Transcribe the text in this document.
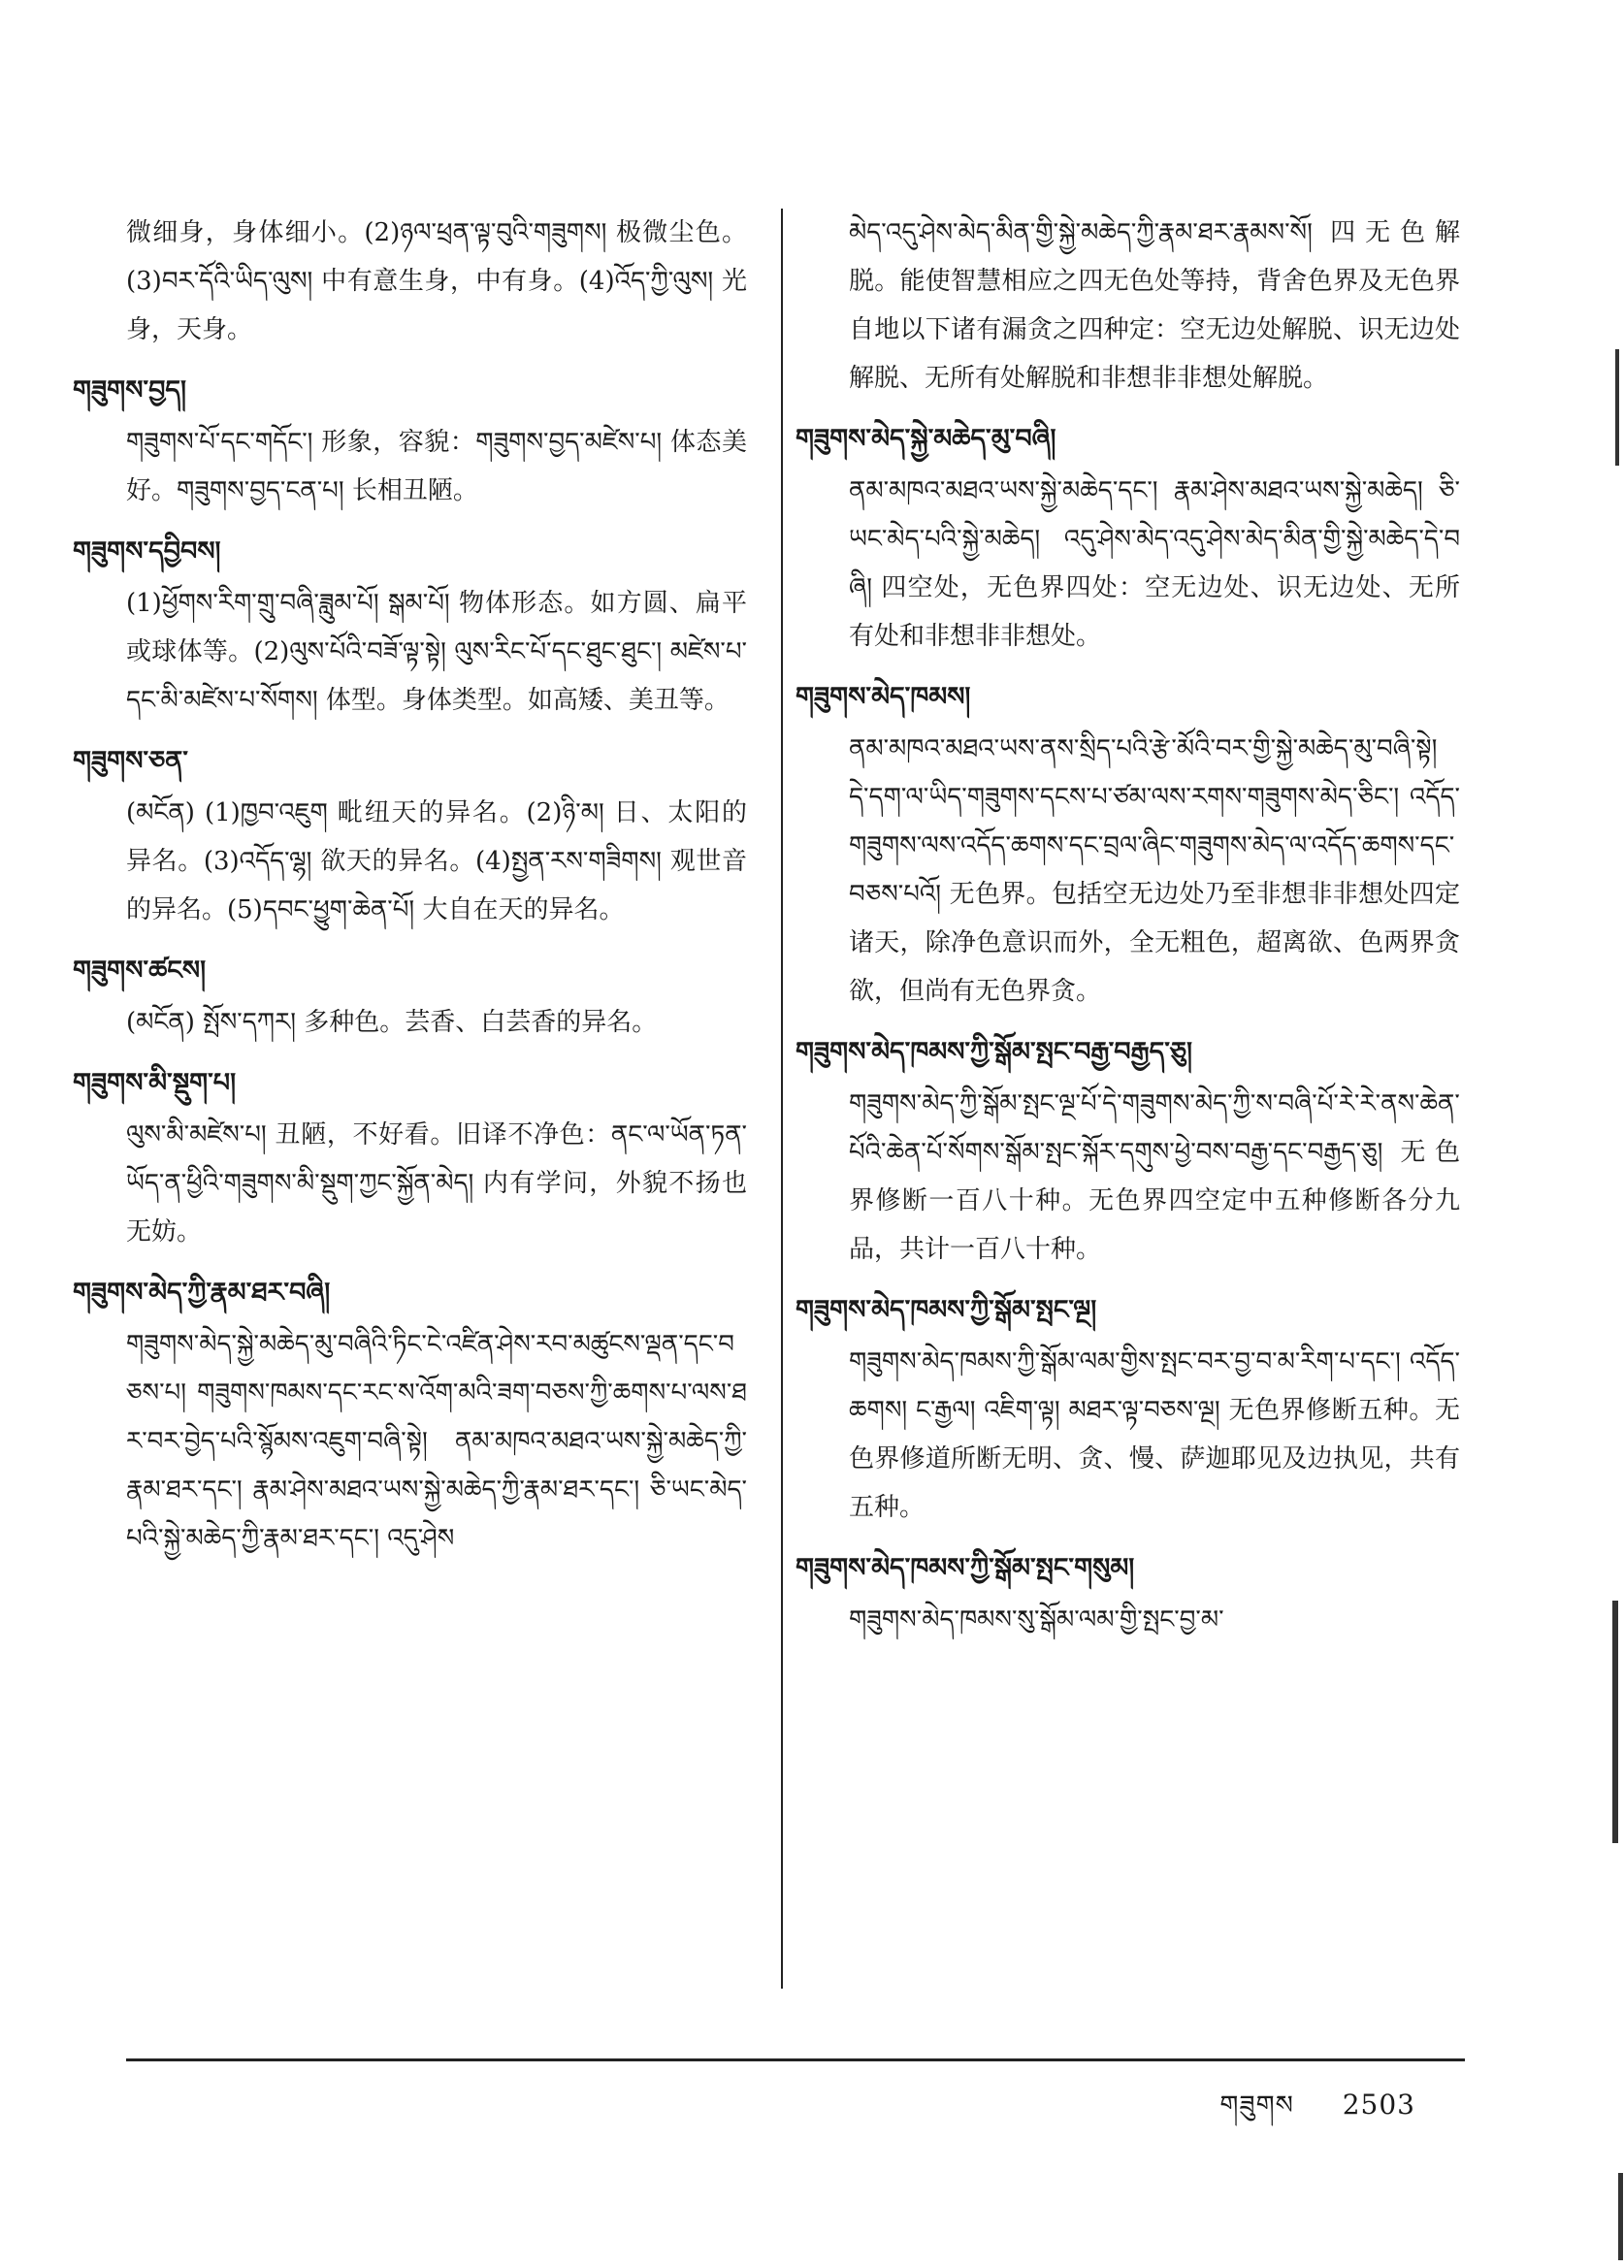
微细身，身体细小。(2)ཉལ་ཕྲན་ལྟ་བུའི་གཟུགས། 极微尘色。(3)བར་དོའི་ཡིད་ལུས། 中有意生身，中有身。(4)འོད་ཀྱི་ལུས། 光身，天身。
གཟུགས་བྱད།
གཟུགས་པོ་དང་གདོང་། 形象，容貌：གཟུགས་བྱད་མཛེས་པ། 体态美好。གཟུགས་བྱད་ངན་པ། 长相丑陋。
གཟུགས་དབྱིབས།
(1)ཕྱོགས་རིག་གྲུ་བཞི་ཟླུམ་པོ། སྒམ་པོ། 物体形态。如方圆、扁平或球体等。(2)ལུས་པོའི་བཟོ་ལྟ་སྟེ། ལུས་རིང་པོ་དང་ཐུང་ཐུང་། མཛེས་པ་དང་མི་མཛེས་པ་སོགས། 体型。身体类型。如高矮、美丑等。
གཟུགས་ཅན་
(མངོན) (1)ཁྱབ་འཇུག 毗纽天的异名。(2)ཉི་མ། 日、太阳的异名。(3)འདོད་ལྷ། 欲天的异名。(4)སྤྱན་རས་གཟིགས། 观世音的异名。(5)དབང་ཕྱུག་ཆེན་པོ། 大自在天的异名。
གཟུགས་ཚངས།
(མངོན) སྤོས་དཀར། 多种色。芸香、白芸香的异名。
གཟུགས་མི་སྡུག་པ།
ལུས་མི་མཛེས་པ། 丑陋，不好看。旧译不净色：ནང་ལ་ཡོན་ཏན་ཡོད་ན་ཕྱིའི་གཟུགས་མི་སྡུག་ཀྱང་སྐྱོན་མེད། 内有学问，外貌不扬也无妨。
གཟུགས་མེད་ཀྱི་རྣམ་ཐར་བཞི།
གཟུགས་མེད་སྐྱེ་མཆེད་མུ་བཞིའི་ཏིང་ངེ་འཛིན་ཤེས་རབ་མཚུངས་ལྡན་དང་བཅས་པ། གཟུགས་ཁམས་དང་རང་ས་འོག་མའི་ཟག་བཅས་ཀྱི་ཆགས་པ་ལས་ཐར་བར་བྱེད་པའི་སྙོམས་འཇུག་བཞི་སྟེ། ནམ་མཁའ་མཐའ་ཡས་སྐྱེ་མཆེད་ཀྱི་རྣམ་ཐར་དང་། རྣམ་ཤེས་མཐའ་ཡས་སྐྱེ་མཆེད་ཀྱི་རྣམ་ཐར་དང་། ཅི་ཡང་མེད་པའི་སྐྱེ་མཆེད་ཀྱི་རྣམ་ཐར་དང་། འདུ་ཤེས
མེད་འདུ་ཤེས་མེད་མིན་གྱི་སྐྱེ་མཆེད་ཀྱི་རྣམ་ཐར་རྣམས་སོ། 四无色解脱。能使智慧相应之四无色处等持，背舍色界及无色界自地以下诸有漏贪之四种定：空无边处解脱、识无边处解脱、无所有处解脱和非想非非想处解脱。
གཟུགས་མེད་སྐྱེ་མཆེད་མུ་བཞི།
ནམ་མཁའ་མཐའ་ཡས་སྐྱེ་མཆེད་དང་། རྣམ་ཤེས་མཐའ་ཡས་སྐྱེ་མཆེད། ཅི་ཡང་མེད་པའི་སྐྱེ་མཆེད། འདུ་ཤེས་མེད་འདུ་ཤེས་མེད་མིན་གྱི་སྐྱེ་མཆེད་དེ་བཞི། 四空处，无色界四处：空无边处、识无边处、无所有处和非想非非想处。
གཟུགས་མེད་ཁམས།
ནམ་མཁའ་མཐའ་ཡས་ནས་སྲིད་པའི་རྩེ་མོའི་བར་གྱི་སྐྱེ་མཆེད་མུ་བཞི་སྟེ། དེ་དག་ལ་ཡིད་གཟུགས་དངས་པ་ཙམ་ལས་རགས་གཟུགས་མེད་ཅིང་། འདོད་གཟུགས་ལས་འདོད་ཆགས་དང་བྲལ་ཞིང་གཟུགས་མེད་ལ་འདོད་ཆགས་དང་བཅས་པའོ། 无色界。包括空无边处乃至非想非非想处四定诸天，除净色意识而外，全无粗色，超离欲、色两界贪欲，但尚有无色界贪。
གཟུགས་མེད་ཁམས་ཀྱི་སྒོམ་སྤང་བརྒྱ་བརྒྱད་ཅུ།
གཟུགས་མེད་ཀྱི་སྒོམ་སྤང་ལྔ་པོ་དེ་གཟུགས་མེད་ཀྱི་ས་བཞི་པོ་རེ་རེ་ནས་ཆེན་པོའི་ཆེན་པོ་སོགས་སྒོམ་སྤང་སྐོར་དགུས་ཕྱེ་བས་བརྒྱ་དང་བརྒྱད་ཅུ། 无色界修断一百八十种。无色界四空定中五种修断各分九品，共计一百八十种。
གཟུགས་མེད་ཁམས་ཀྱི་སྒོམ་སྤང་ལྔ།
གཟུགས་མེད་ཁམས་ཀྱི་སྒོམ་ལམ་གྱིས་སྤང་བར་བྱ་བ་མ་རིག་པ་དང་། འདོད་ཆགས། ང་རྒྱལ། འཇིག་ལྟ། མཐར་ལྟ་བཅས་ལྔ། 无色界修断五种。无色界修道所断无明、贪、慢、萨迦耶见及边执见，共有五种。
གཟུགས་མེད་ཁམས་ཀྱི་སྒོམ་སྤང་གསུམ།
གཟུགས་མེད་ཁམས་སུ་སྒོམ་ལམ་གྱི་སྤང་བྱ་མ་
གཟུགས 2503
